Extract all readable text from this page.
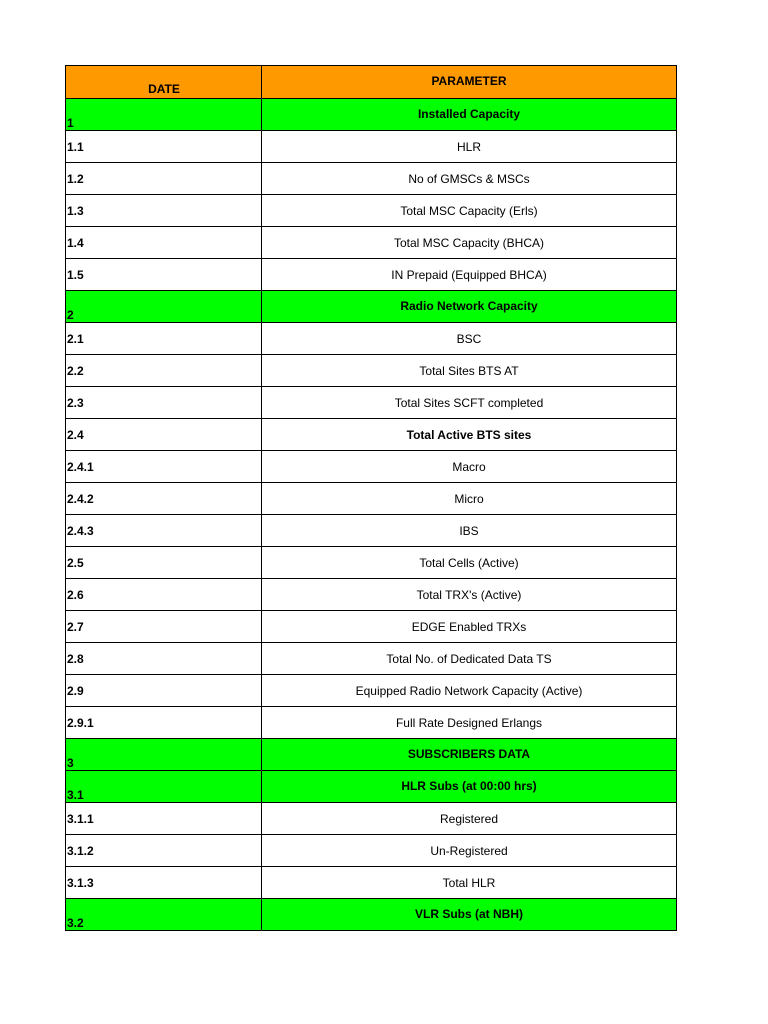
DATE	PARAMETER
1	Installed Capacity
1.1	HLR
1.2	No of GMSCs & MSCs
1.3	Total MSC Capacity (Erls)
1.4	Total MSC Capacity (BHCA)
1.5	IN Prepaid (Equipped BHCA)
2	Radio Network Capacity
2.1	BSC
2.2	Total Sites BTS AT
2.3	Total Sites SCFT completed
2.4	Total Active BTS sites
2.4.1	Macro
2.4.2	Micro
2.4.3	IBS
2.5	Total Cells (Active)
2.6	Total TRX's (Active)
2.7	EDGE Enabled TRXs
2.8	Total No. of Dedicated Data TS
2.9	Equipped Radio Network Capacity (Active)
2.9.1	Full Rate Designed Erlangs
3	SUBSCRIBERS DATA
3.1	HLR Subs (at 00:00 hrs)
3.1.1	Registered
3.1.2	Un-Registered
3.1.3	Total HLR
3.2	VLR Subs (at NBH)
